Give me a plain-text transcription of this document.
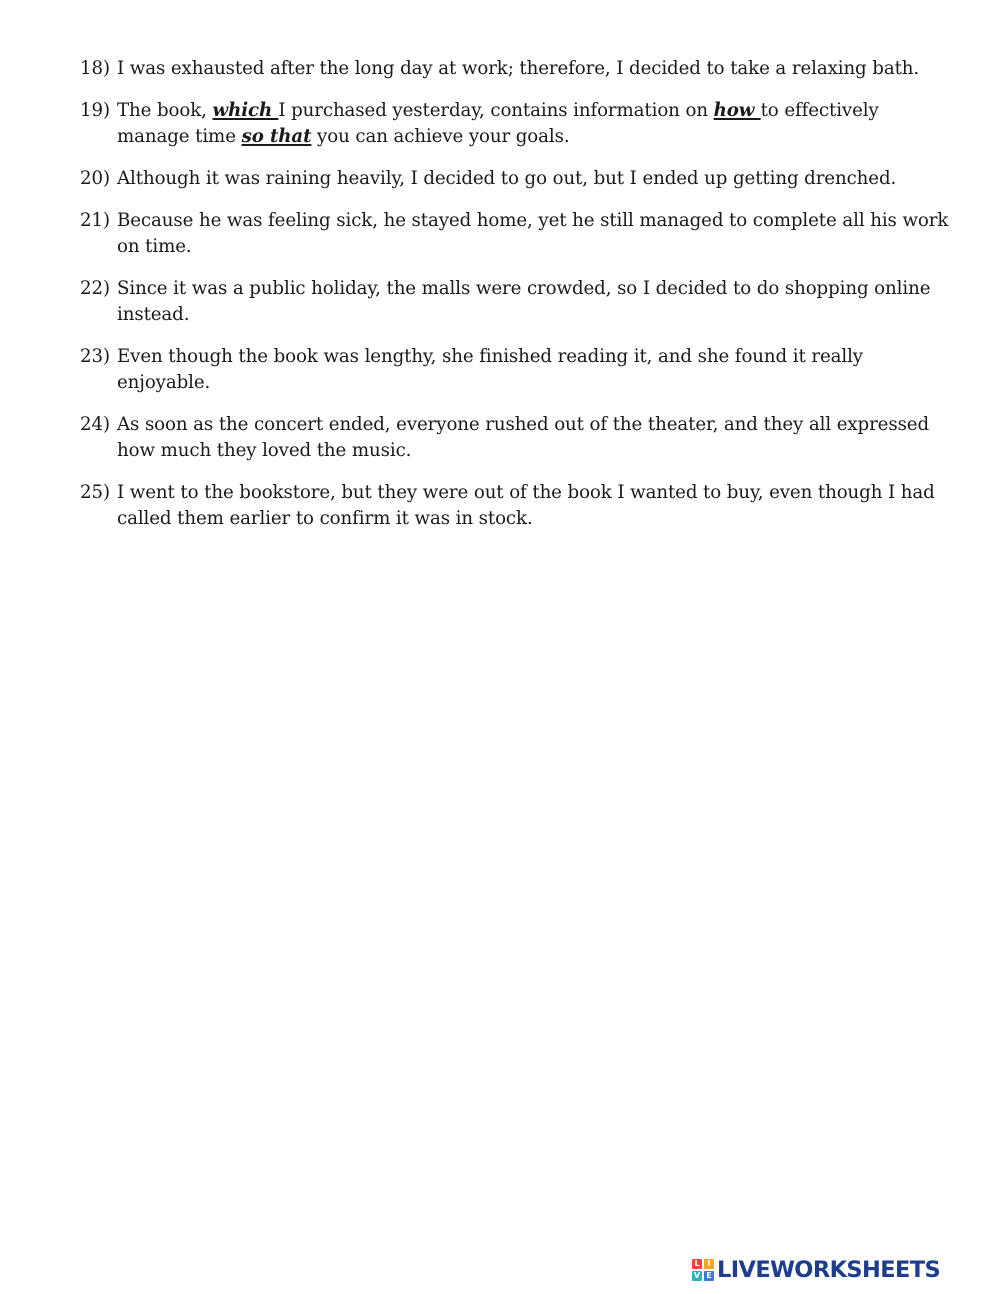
18) I was exhausted after the long day at work; therefore, I decided to take a relaxing bath.
19) The book, which I purchased yesterday, contains information on how to effectively manage time so that you can achieve your goals.
20) Although it was raining heavily, I decided to go out, but I ended up getting drenched.
21) Because he was feeling sick, he stayed home, yet he still managed to complete all his work on time.
22) Since it was a public holiday, the malls were crowded, so I decided to do shopping online instead.
23) Even though the book was lengthy, she finished reading it, and she found it really enjoyable.
24) As soon as the concert ended, everyone rushed out of the theater, and they all expressed how much they loved the music.
25) I went to the bookstore, but they were out of the book I wanted to buy, even though I had called them earlier to confirm it was in stock.
L I
V E LIVEWORKSHEETS
